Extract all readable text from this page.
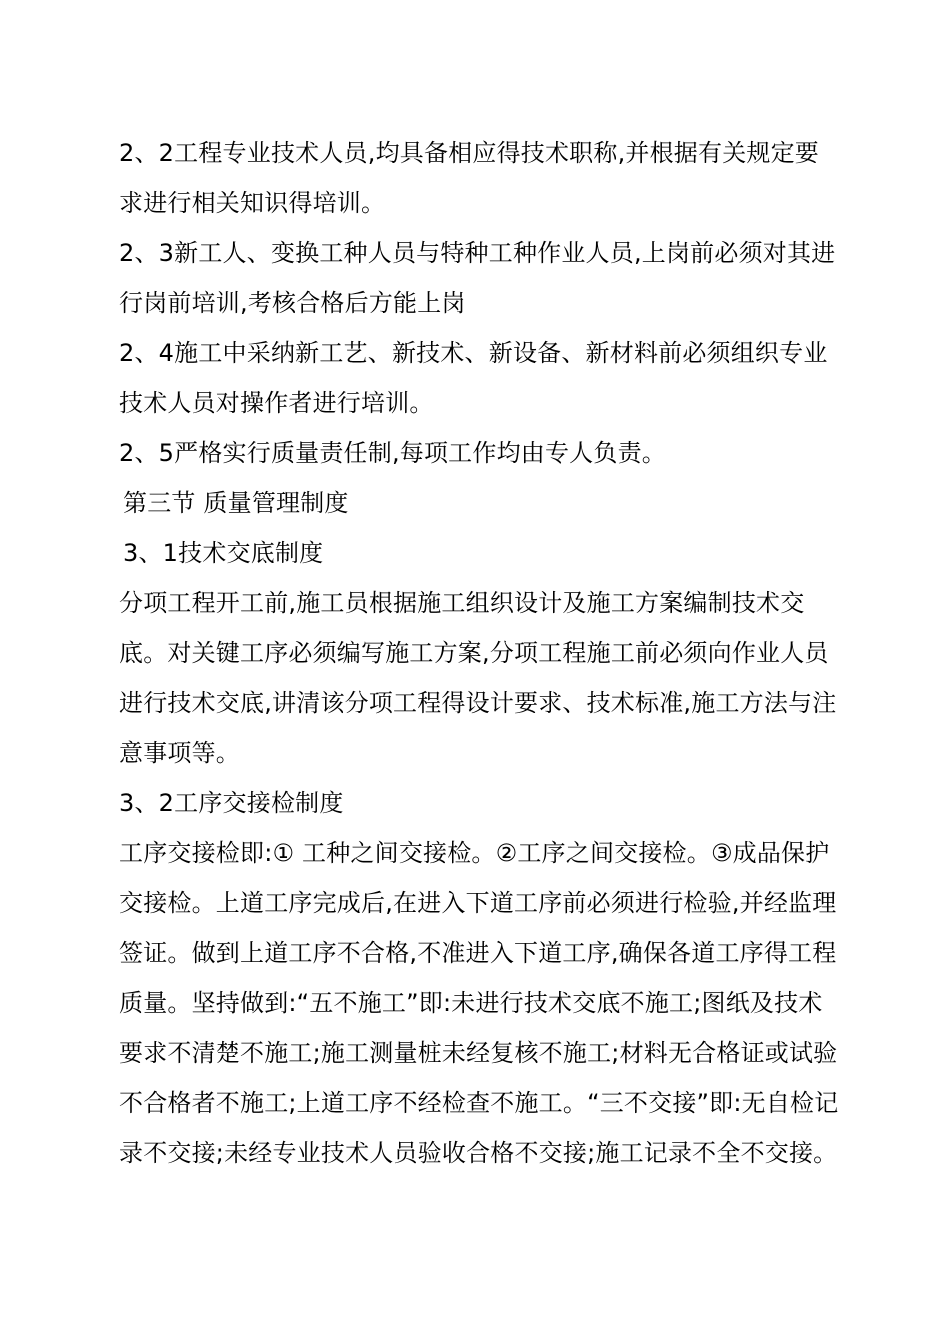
2、2工程专业技术人员,均具备相应得技术职称,并根据有关规定要求进行相关知识得培训。

2、3新工人、变换工种人员与特种工种作业人员,上岗前必须对其进行岗前培训,考核合格后方能上岗

2、4施工中采纳新工艺、新技术、新设备、新材料前必须组织专业技术人员对操作者进行培训。

2、5严格实行质量责任制,每项工作均由专人负责。

第三节 质量管理制度

3、1技术交底制度

分项工程开工前,施工员根据施工组织设计及施工方案编制技术交底。对关键工序必须编写施工方案,分项工程施工前必须向作业人员进行技术交底,讲清该分项工程得设计要求、技术标准,施工方法与注意事项等。

3、2工序交接检制度

工序交接检即:① 工种之间交接检。②工序之间交接检。③成品保护交接检。上道工序完成后,在进入下道工序前必须进行检验,并经监理签证。做到上道工序不合格,不准进入下道工序,确保各道工序得工程质量。坚持做到:“五不施工”即:未进行技术交底不施工;图纸及技术要求不清楚不施工;施工测量桩未经复核不施工;材料无合格证或试验不合格者不施工;上道工序不经检查不施工。“三不交接”即:无自检记录不交接;未经专业技术人员验收合格不交接;施工记录不全不交接。
